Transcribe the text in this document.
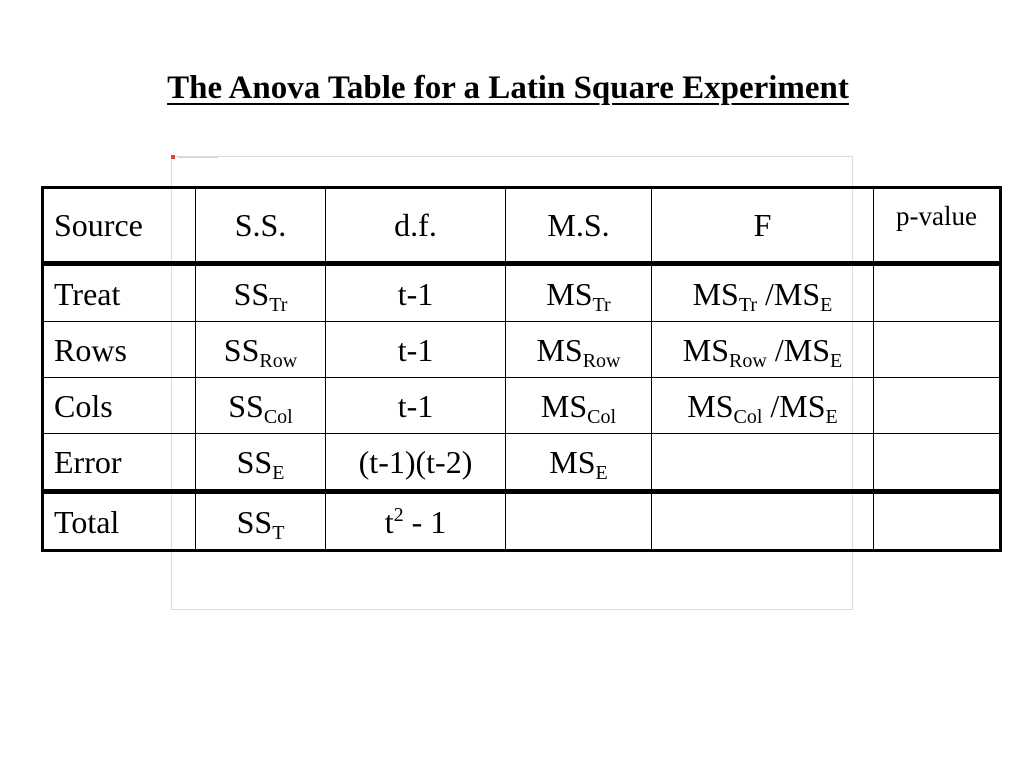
The Anova Table for a Latin Square Experiment
Source	S.S.	d.f.	M.S.	F	p-value
Treat	$SS_{Tr}$	t-1	$MS_{Tr}$	$MS_{Tr}$ $/MS_E$	
Rows	$SS_{Row}$	t-1	$MS_{Row}$	$MS_{Row}$ $/MS_E$	
Cols	$SS_{Col}$	t-1	$MS_{Col}$	$MS_{Col}$ $/MS_E$	
Error	$SS_E$	(t-1)(t-2)	$MS_E$		
Total	$SS_T$	$t^2 - 1$			
